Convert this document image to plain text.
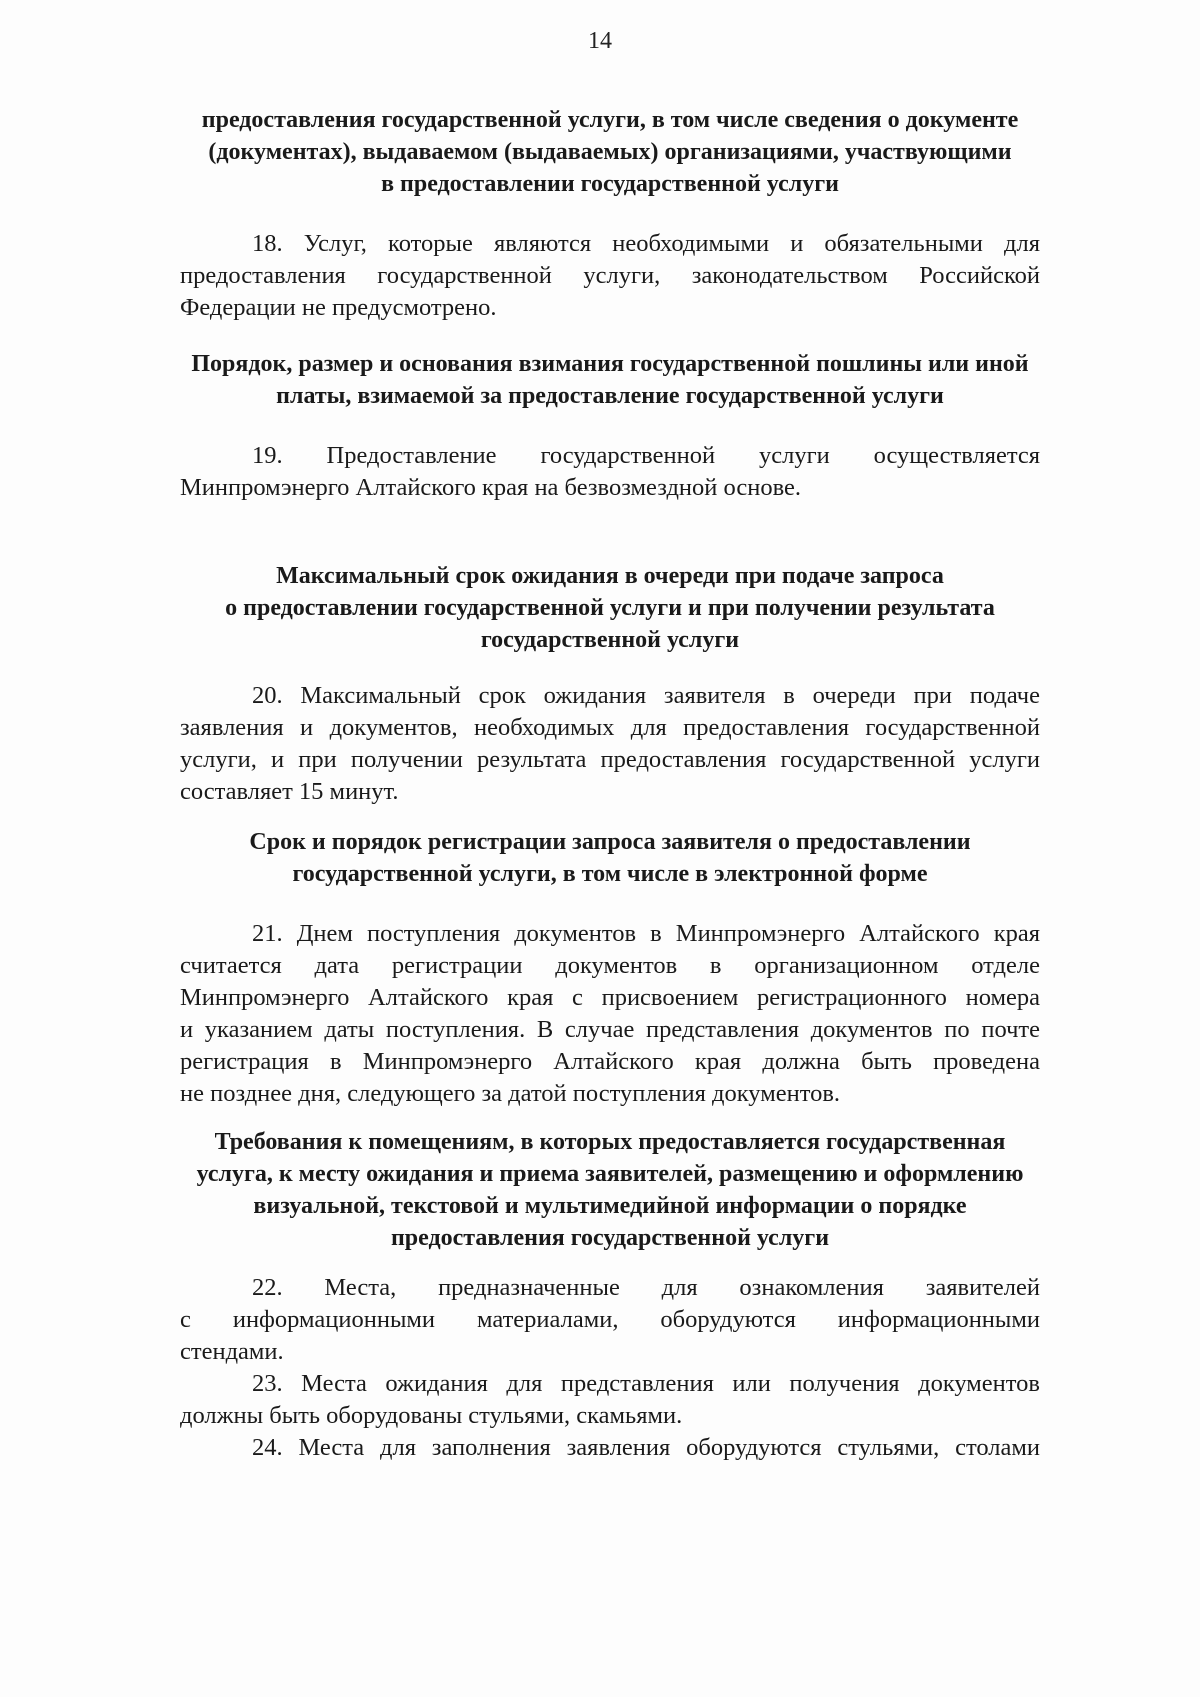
14
предоставления государственной услуги, в том числе сведения о документе
(документах), выдаваемом (выдаваемых) организациями, участвующими
в предоставлении государственной услуги
18. Услуг, которые являются необходимыми и обязательными для
предоставления государственной услуги, законодательством Российской
Федерации не предусмотрено.
Порядок, размер и основания взимания государственной пошлины или иной
платы, взимаемой за предоставление государственной услуги
19. Предоставление государственной услуги осуществляется
Минпромэнерго Алтайского края на безвозмездной основе.
Максимальный срок ожидания в очереди при подаче запроса
о предоставлении государственной услуги и при получении результата
государственной услуги
20. Максимальный срок ожидания заявителя в очереди при подаче
заявления и документов, необходимых для предоставления государственной
услуги, и при получении результата предоставления государственной услуги
составляет 15 минут.
Срок и порядок регистрации запроса заявителя о предоставлении
государственной услуги, в том числе в электронной форме
21. Днем поступления документов в Минпромэнерго Алтайского края
считается дата регистрации документов в организационном отделе
Минпромэнерго Алтайского края с присвоением регистрационного номера
и указанием даты поступления. В случае представления документов по почте
регистрация в Минпромэнерго Алтайского края должна быть проведена
не позднее дня, следующего за датой поступления документов.
Требования к помещениям, в которых предоставляется государственная
услуга, к месту ожидания и приема заявителей, размещению и оформлению
визуальной, текстовой и мультимедийной информации о порядке
предоставления государственной услуги
22. Места, предназначенные для ознакомления заявителей
с информационными материалами, оборудуются информационными
стендами.
23. Места ожидания для представления или получения документов
должны быть оборудованы стульями, скамьями.
24. Места для заполнения заявления оборудуются стульями, столами
